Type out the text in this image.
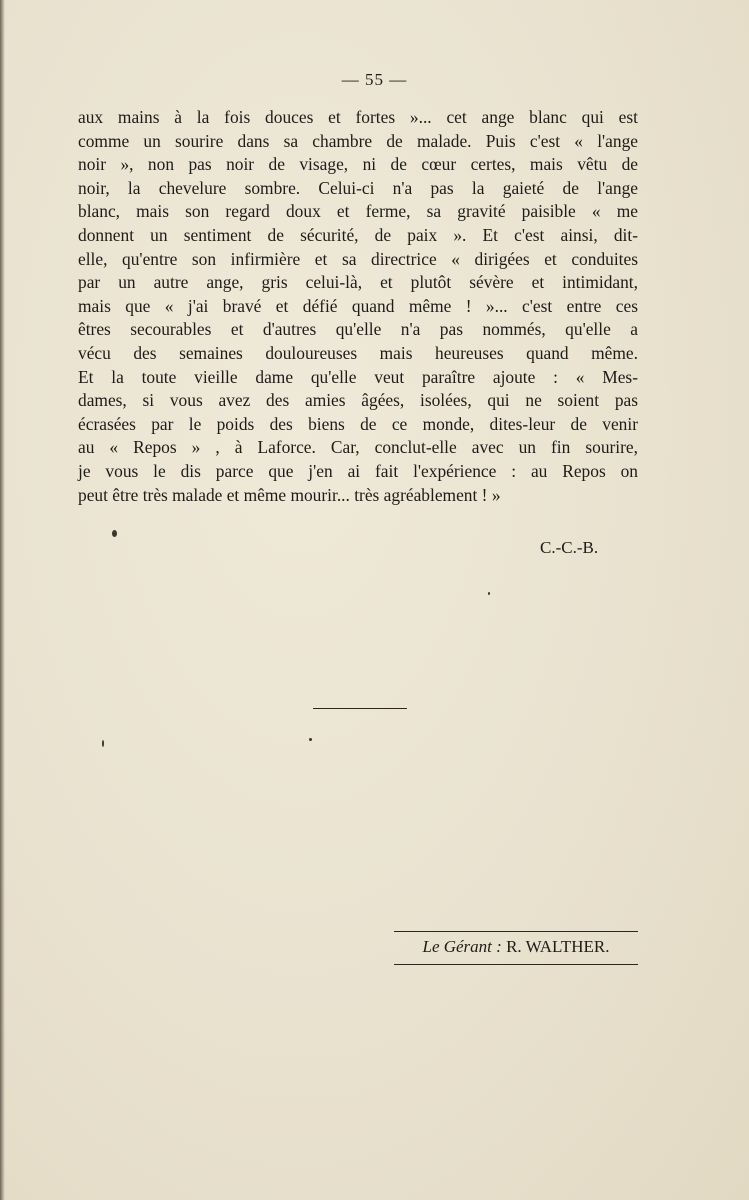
— 55 —
aux mains à la fois douces et fortes »... cet ange blanc qui est
comme un sourire dans sa chambre de malade. Puis c'est « l'ange
noir », non pas noir de visage, ni de cœur certes, mais vêtu de
noir, la chevelure sombre. Celui-ci n'a pas la gaieté de l'ange
blanc, mais son regard doux et ferme, sa gravité paisible « me
donnent un sentiment de sécurité, de paix ». Et c'est ainsi, dit-
elle, qu'entre son infirmière et sa directrice « dirigées et conduites
par un autre ange, gris celui-là, et plutôt sévère et intimidant,
mais que « j'ai bravé et défié quand même ! »... c'est entre ces
êtres secourables et d'autres qu'elle n'a pas nommés, qu'elle a
vécu des semaines douloureuses mais heureuses quand même.
Et la toute vieille dame qu'elle veut paraître ajoute : « Mes-
dames, si vous avez des amies âgées, isolées, qui ne soient pas
écrasées par le poids des biens de ce monde, dites-leur de venir
au « Repos » , à Laforce. Car, conclut-elle avec un fin sourire,
je vous le dis parce que j'en ai fait l'expérience : au Repos on
peut être très malade et même mourir... très agréablement ! »
C.-C.-B.
Le Gérant : R. WALTHER.
